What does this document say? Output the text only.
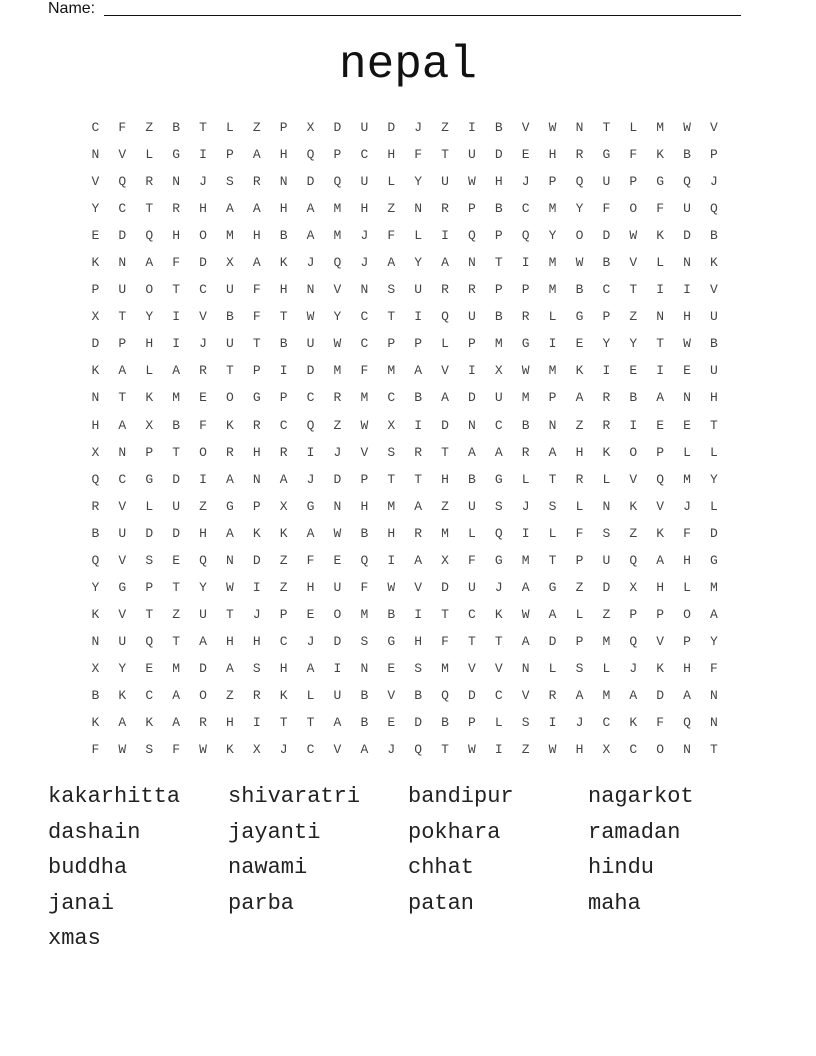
Name:
nepal
C	F	Z	B	T	L	Z	P	X	D	U	D	J	Z	I	B	V	W	N	T	L	M	W	V
N	V	L	G	I	P	A	H	Q	P	C	H	F	T	U	D	E	H	R	G	F	K	B	P
V	Q	R	N	J	S	R	N	D	Q	U	L	Y	U	W	H	J	P	Q	U	P	G	Q	J
Y	C	T	R	H	A	A	H	A	M	H	Z	N	R	P	B	C	M	Y	F	O	F	U	Q
E	D	Q	H	O	M	H	B	A	M	J	F	L	I	Q	P	Q	Y	O	D	W	K	D	B
K	N	A	F	D	X	A	K	J	Q	J	A	Y	A	N	T	I	M	W	B	V	L	N	K
P	U	O	T	C	U	F	H	N	V	N	S	U	R	R	P	P	M	B	C	T	I	I	V
X	T	Y	I	V	B	F	T	W	Y	C	T	I	Q	U	B	R	L	G	P	Z	N	H	U
D	P	H	I	J	U	T	B	U	W	C	P	P	L	P	M	G	I	E	Y	Y	T	W	B
K	A	L	A	R	T	P	I	D	M	F	M	A	V	I	X	W	M	K	I	E	I	E	U
N	T	K	M	E	O	G	P	C	R	M	C	B	A	D	U	M	P	A	R	B	A	N	H
H	A	X	B	F	K	R	C	Q	Z	W	X	I	D	N	C	B	N	Z	R	I	E	E	T
X	N	P	T	O	R	H	R	I	J	V	S	R	T	A	A	R	A	H	K	O	P	L	L
Q	C	G	D	I	A	N	A	J	D	P	T	T	H	B	G	L	T	R	L	V	Q	M	Y
R	V	L	U	Z	G	P	X	G	N	H	M	A	Z	U	S	J	S	L	N	K	V	J	L
B	U	D	D	H	A	K	K	A	W	B	H	R	M	L	Q	I	L	F	S	Z	K	F	D
Q	V	S	E	Q	N	D	Z	F	E	Q	I	A	X	F	G	M	T	P	U	Q	A	H	G
Y	G	P	T	Y	W	I	Z	H	U	F	W	V	D	U	J	A	G	Z	D	X	H	L	M
K	V	T	Z	U	T	J	P	E	O	M	B	I	T	C	K	W	A	L	Z	P	P	O	A
N	U	Q	T	A	H	H	C	J	D	S	G	H	F	T	T	A	D	P	M	Q	V	P	Y
X	Y	E	M	D	A	S	H	A	I	N	E	S	M	V	V	N	L	S	L	J	K	H	F
B	K	C	A	O	Z	R	K	L	U	B	V	B	Q	D	C	V	R	A	M	A	D	A	N
K	A	K	A	R	H	I	T	T	A	B	E	D	B	P	L	S	I	J	C	K	F	Q	N
F	W	S	F	W	K	X	J	C	V	A	J	Q	T	W	I	Z	W	H	X	C	O	N	T
kakarhitta	shivaratri	bandipur	nagarkot
dashain	jayanti	pokhara	ramadan
buddha	nawami	chhat	hindu
janai	parba	patan	maha
xmas
